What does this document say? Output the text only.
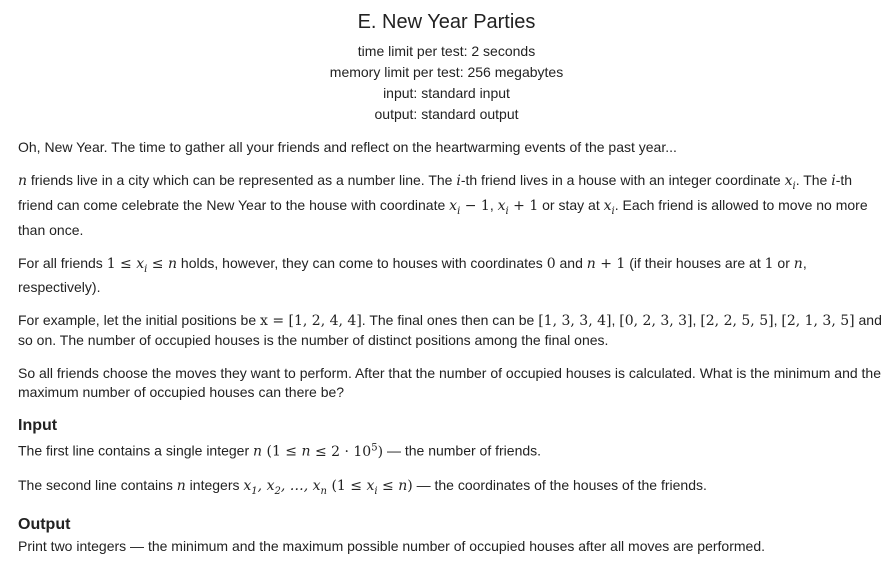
E. New Year Parties
time limit per test: 2 seconds
memory limit per test: 256 megabytes
input: standard input
output: standard output

Oh, New Year. The time to gather all your friends and reflect on the heartwarming events of the past year...

n friends live in a city which can be represented as a number line. The i-th friend lives in a house with an integer coordinate $x_i$. The i-th friend can come celebrate the New Year to the house with coordinate $x_i - 1$, $x_i + 1$ or stay at $x_i$. Each friend is allowed to move no more than once.

For all friends $1 \le x_i \le n$ holds, however, they can come to houses with coordinates 0 and n + 1 (if their houses are at 1 or n, respectively).

For example, let the initial positions be x = [1, 2, 4, 4]. The final ones then can be [1, 3, 3, 4], [0, 2, 3, 3], [2, 2, 5, 5], [2, 1, 3, 5] and so on. The number of occupied houses is the number of distinct positions among the final ones.

So all friends choose the moves they want to perform. After that the number of occupied houses is calculated. What is the minimum and the maximum number of occupied houses can there be?

Input

The first line contains a single integer n $(1 \le n \le 2 \cdot 10^5)$ — the number of friends.

The second line contains n integers $x_1$, $x_2$, …, $x_n$ $(1 \le x_i \le n)$ — the coordinates of the houses of the friends.

Output

Print two integers — the minimum and the maximum possible number of occupied houses after all moves are performed.
